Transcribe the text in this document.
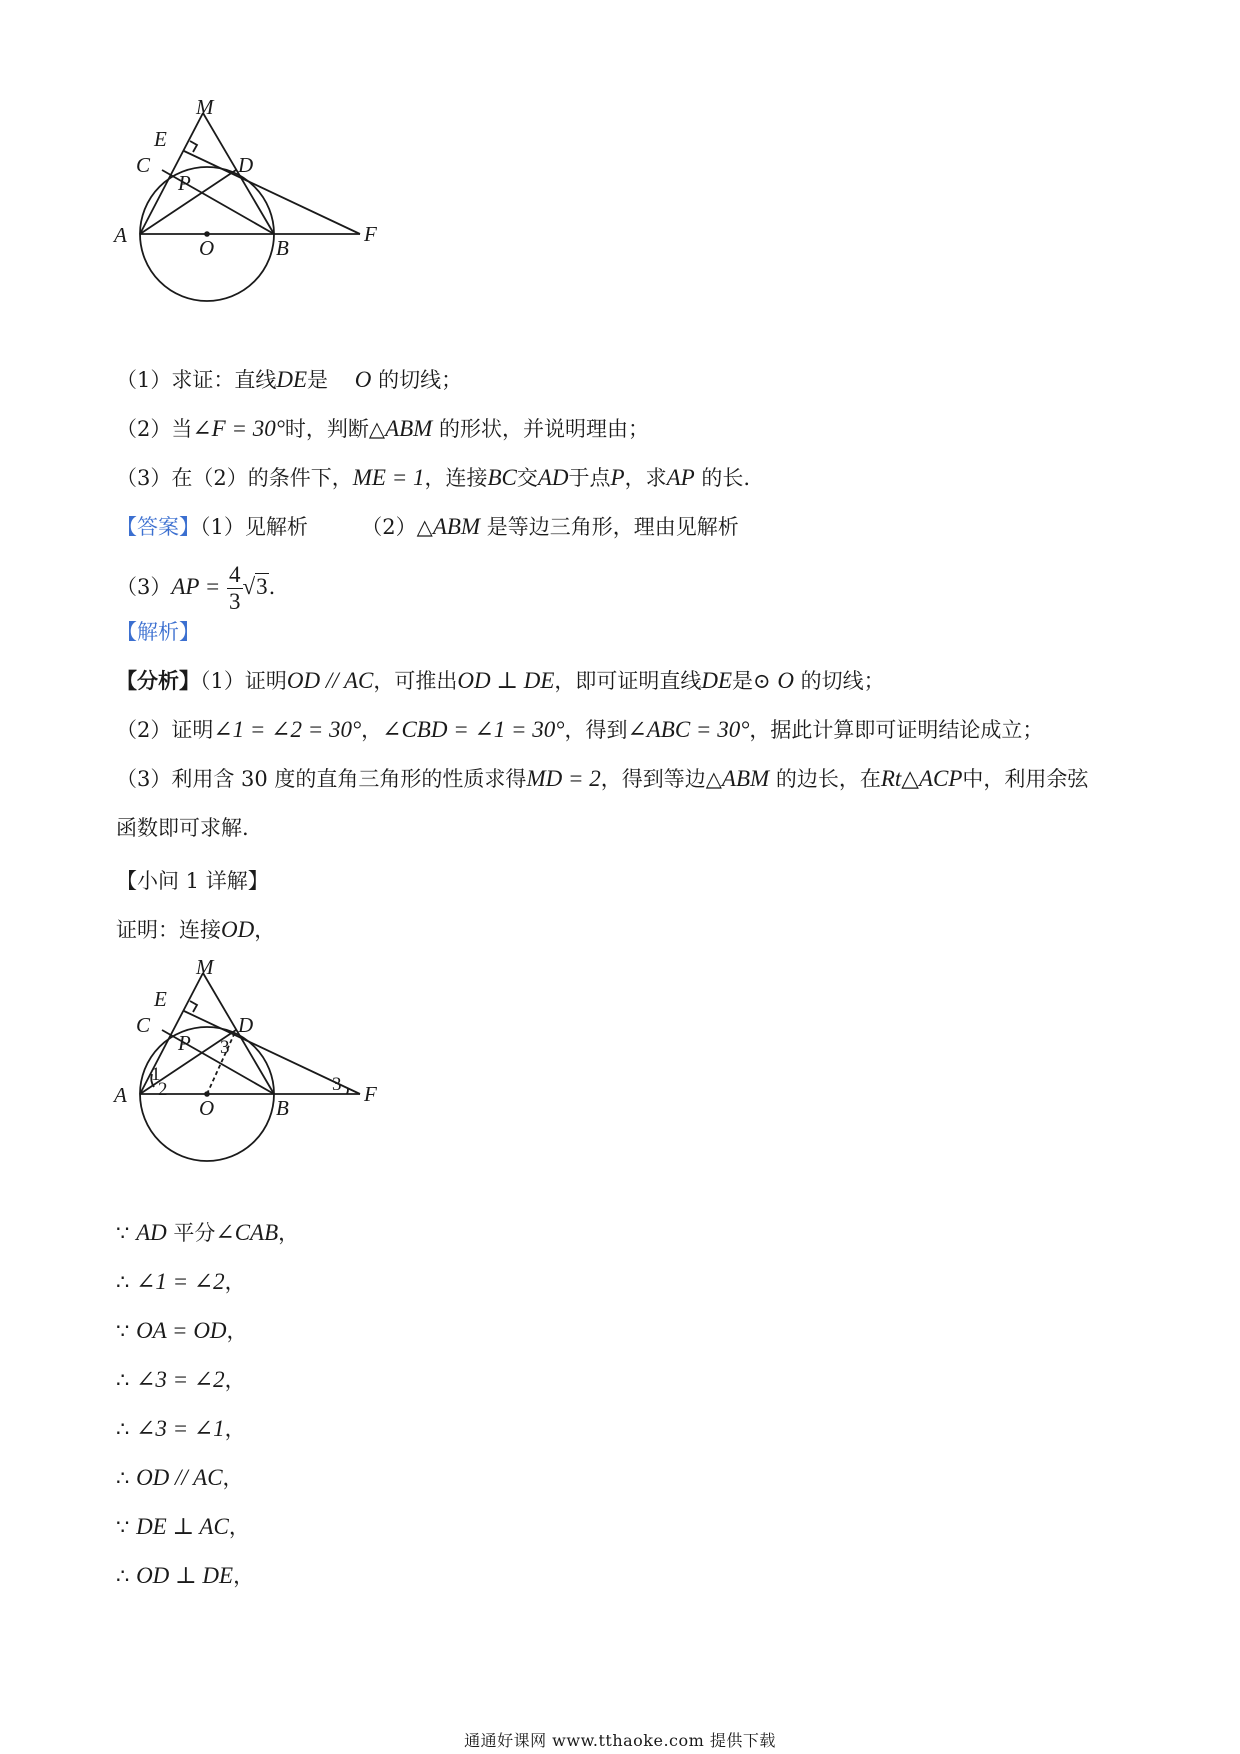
M
E
C	D
P
A
O	B
F
（1）求证：直线DE是    O 的切线；
（2）当∠F = 30°时，判断△ABM 的形状，并说明理由；
（3）在（2）的条件下，ME = 1，连接BC交AD于点P，求AP 的长.
【答案】（1）见解析	（2）△ABM 是等边三角形，理由见解析
$(3)AP = \frac{4}{3} √3$.
【解析】
【分析】（1）证明OD // AC，可推出OD ⊥ DE，即可证明直线DE是⊙ O 的切线；
（2）证明∠1 = ∠2 = 30°，∠CBD = ∠1 = 30°，得到∠ABC = 30°，据此计算即可证明结论成立；
（3）利用含 30 度的直角三角形的性质求得MD = 2，得到等边△ABM 的边长，在Rt△ACP中，利用余弦
函数即可求解.
【小问 1 详解】
证明：连接OD，
M
E
C	D
P
A
O	B
F
1
2
3
3
∵ AD 平分∠CAB，
∴ ∠1 = ∠2，
∵ OA = OD，
∴ ∠3 = ∠2，
∴ ∠3 = ∠1，
∴ OD // AC，
∵ DE ⊥ AC，
∴ OD ⊥ DE，
通通好课网 www.tthaoke.com 提供下载
